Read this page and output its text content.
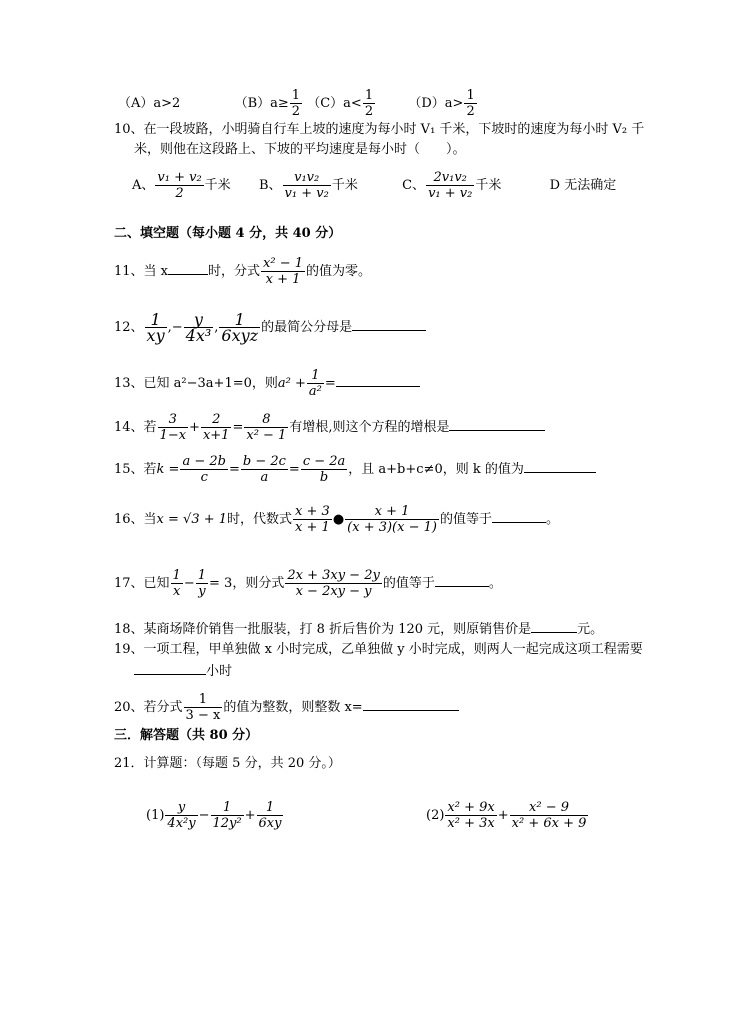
（A）a>2	$(B)a\ge \frac{1}{2} (C)a< \frac{1}{2}$	$(D)a> \frac{1}{2}$
10、在一段坡路，小明骑自行车上坡的速度为每小时 V₁ 千米，下坡时的速度为每小时 V₂ 千
米，则他在这段路上、下坡的平均速度是每小时（　　）。
A、 $\frac{\text{v₁ + v₂}}{2}$ 千米 B、 $\frac{\text{v₁v₂}}{\text{v₁ + v₂}}$ 千米	C、 $\frac{\text{2v₁v₂}}{\text{v₁ + v₂}}$ 千米	D 无法确定
二、填空题（每小题 4 分，共 40 分）
11、当 x	时，分式 $\frac{\text{x² − 1}}{x + 1}$ 的值为零。
12、 $\frac{1}{xy}$ ,− $\frac{y}{\text{4x³}}$ ,	1
6xyz 的最简公分母是
13、已知 a²−3a+1=0，则$a^2 + \frac{1}{\text{a²}}$ =
14、若 $\frac{3}{1-x} + \frac{2}{x+1} = \frac{8}{\text{x² − 1}}$ 有增根,则这个方程的增根是
15、若$k = \frac{a - 2b}{c} = \frac{b - 2c}{a} = \frac{c - 2a}{b}$ ，且 a+b+c≠0，则 k 的值为
16、当x = √3 + 1时，代数式 $\frac{x + 3}{x + 1}$ ● $\frac{x + 1}{(x + 3)(x - 1)}$ 的值等于	。
17、已知 $\frac{1}{x} - \frac{1}{y} = 3$，则分式 $\frac{2x + 3xy - 2y}{x - 2xy - y}$ 的值等于	。
18、某商场降价销售一批服装，打 8 折后售价为 120 元，则原销售价是	元。
19、一项工程，甲单独做 x 小时完成，乙单独做 y 小时完成，则两人一起完成这项工程需要
小时
20、若分式 $\frac{1}{3 - x}$ 的值为整数，则整数 x=
三．解答题（共 80 分）
21．计算题：（每题 5 分，共 20 分。）
$(1) \frac{y}{\text{4x²y}} - \frac{1}{\text{12y²}} + \frac{1}{6xy}$	$(2) \frac{\text{x² + 9x}}{\text{x² + 3x}} + \frac{\text{x² − 9}}{\text{x² + 6x + 9}}$
